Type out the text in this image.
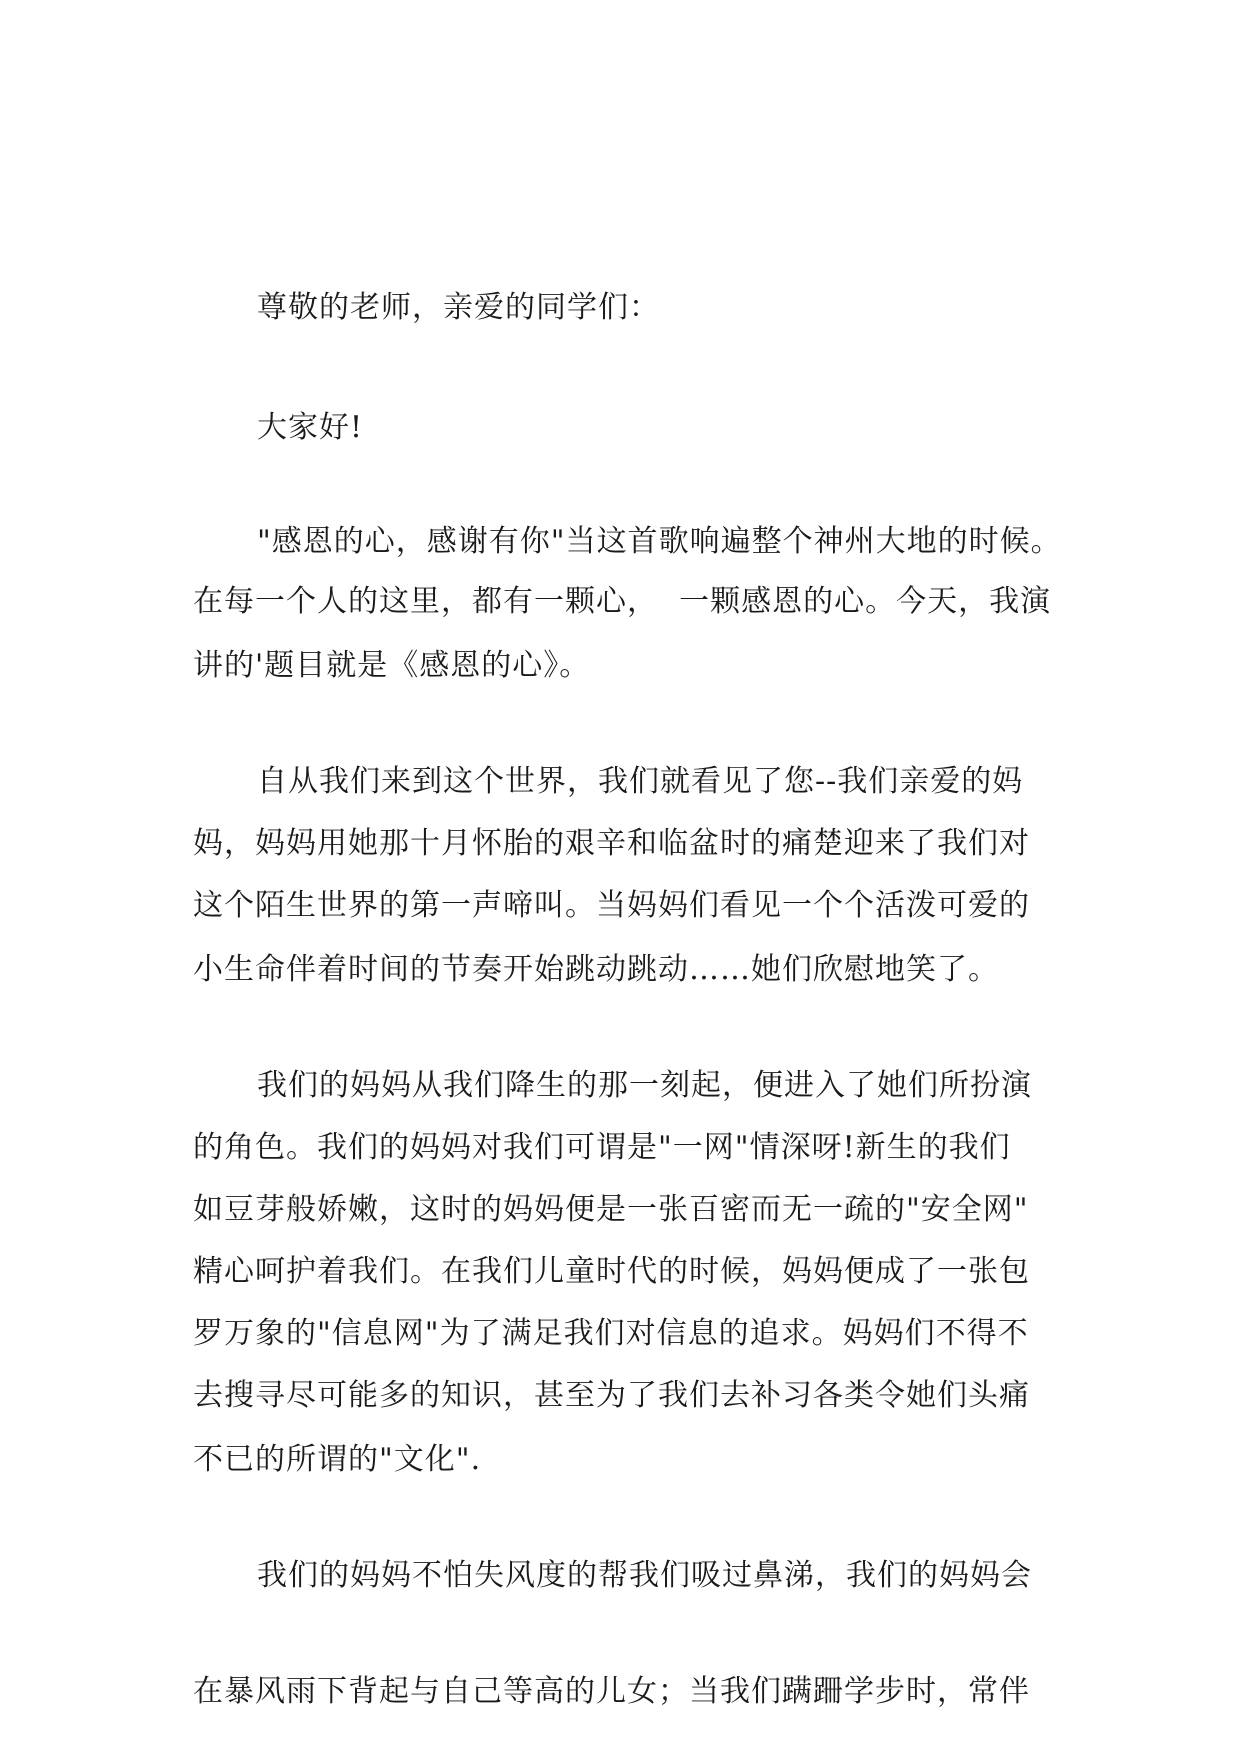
尊敬的老师，亲爱的同学们：
大家好!
"感恩的心，感谢有你"当这首歌响遍整个神州大地的时候。
在每一个人的这里，都有一颗心，  一颗感恩的心。今天，我演
讲的'题目就是《感恩的心》。
自从我们来到这个世界，我们就看见了您--我们亲爱的妈
妈，妈妈用她那十月怀胎的艰辛和临盆时的痛楚迎来了我们对
这个陌生世界的第一声啼叫。当妈妈们看见一个个活泼可爱的
小生命伴着时间的节奏开始跳动跳动……她们欣慰地笑了。
我们的妈妈从我们降生的那一刻起，便进入了她们所扮演
的角色。我们的妈妈对我们可谓是"一网"情深呀!新生的我们
如豆芽般娇嫩，这时的妈妈便是一张百密而无一疏的"安全网"
精心呵护着我们。在我们儿童时代的时候，妈妈便成了一张包
罗万象的"信息网"为了满足我们对信息的追求。妈妈们不得不
去搜寻尽可能多的知识，甚至为了我们去补习各类令她们头痛
不已的所谓的"文化".
我们的妈妈不怕失风度的帮我们吸过鼻涕，我们的妈妈会
在暴风雨下背起与自己等高的儿女；当我们蹒跚学步时，常伴
